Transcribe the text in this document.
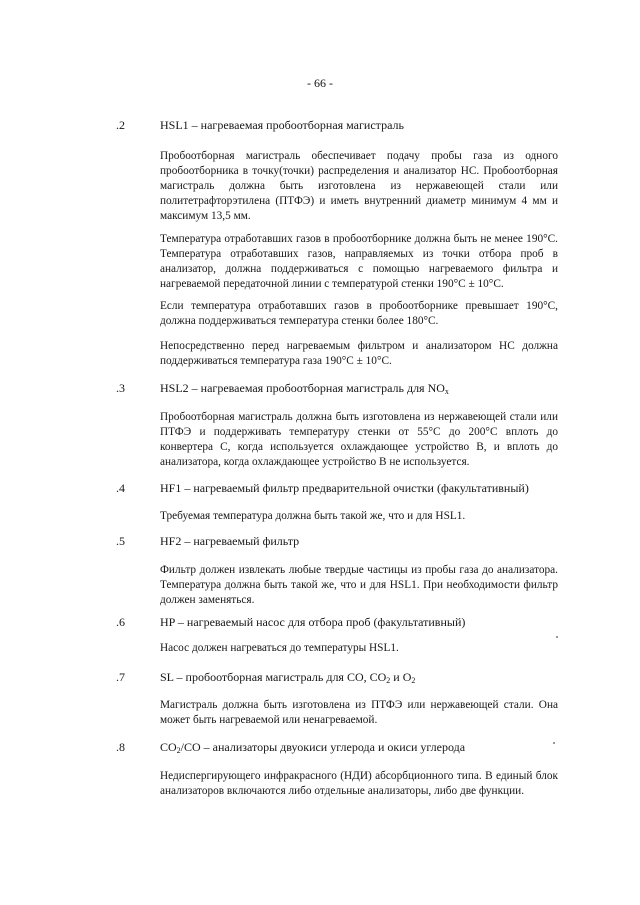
- 66 -
.2	HSL1 – нагреваемая пробоотборная магистраль
Пробоотборная магистраль обеспечивает подачу пробы газа из одного пробоотборника в точку(точки) распределения и анализатор НС. Пробоотборная магистраль должна быть изготовлена из нержавеющей стали или политетрафторэтилена (ПТФЭ) и иметь внутренний диаметр минимум 4 мм и максимум 13,5 мм.
Температура отработавших газов в пробоотборнике должна быть не менее 190°С. Температура отработавших газов, направляемых из точки отбора проб в анализатор, должна поддерживаться с помощью нагреваемого фильтра и нагреваемой передаточной линии с температурой стенки 190°С ± 10°С.
Если температура отработавших газов в пробоотборнике превышает 190°С, должна поддерживаться температура стенки более 180°С.
Непосредственно перед нагреваемым фильтром и анализатором НС должна поддерживаться температура газа 190°С ± 10°С.
.3	HSL2 – нагреваемая пробоотборная магистраль для $NO_x$
Пробоотборная магистраль должна быть изготовлена из нержавеющей стали или ПТФЭ и поддерживать температуру стенки от 55°С до 200°С вплоть до конвертера С, когда используется охлаждающее устройство В, и вплоть до анализатора, когда охлаждающее устройство В не используется.
.4	HF1 – нагреваемый фильтр предварительной очистки (факультативный)
Требуемая температура должна быть такой же, что и для HSL1.
.5	HF2 – нагреваемый фильтр
Фильтр должен извлекать любые твердые частицы из пробы газа до анализатора. Температура должна быть такой же, что и для HSL1. При необходимости фильтр должен заменяться.
.6	HP – нагреваемый насос для отбора проб (факультативный)
Насос должен нагреваться до температуры HSL1.
.7	SL – пробоотборная магистраль для СО, $СО_2$ и $О_2$
Магистраль должна быть изготовлена из ПТФЭ или нержавеющей стали. Она может быть нагреваемой или ненагреваемой.
.8	$СО_2/СО$ – анализаторы двуокиси углерода и окиси углерода
Недиспергирующего инфракрасного (НДИ) абсорбционного типа. В единый блок анализаторов включаются либо отдельные анализаторы, либо две функции.
